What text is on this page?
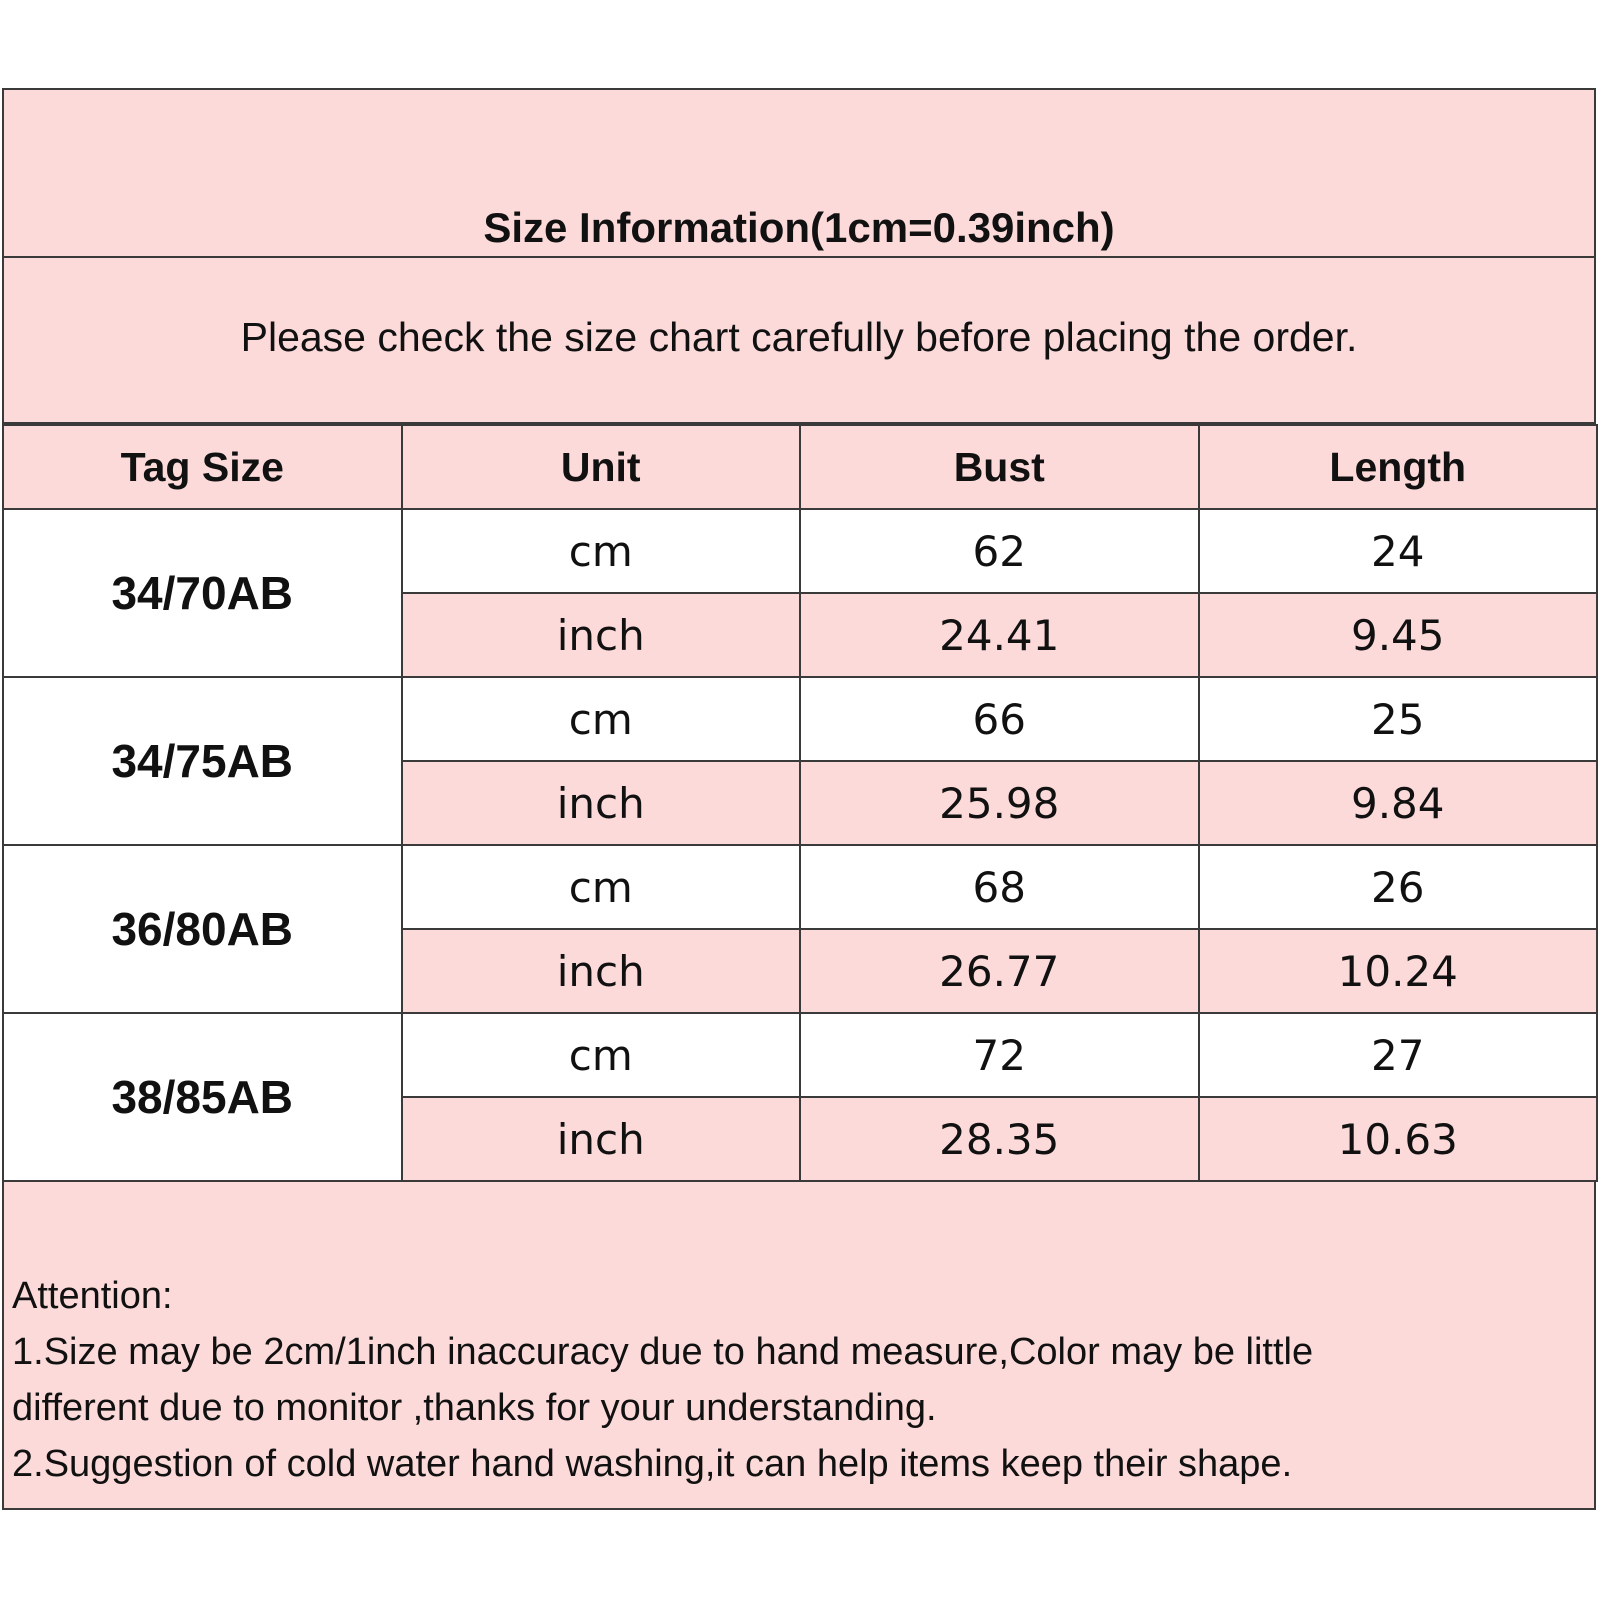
Size Information(1cm=0.39inch)
Please check the size chart carefully before placing the order.
Tag Size	Unit	Bust	Length
34/70AB	cm	62	24
	inch	24.41	9.45
34/75AB	cm	66	25
	inch	25.98	9.84
36/80AB	cm	68	26
	inch	26.77	10.24
38/85AB	cm	72	27
	inch	28.35	10.63
Attention:
1.Size may be 2cm/1inch inaccuracy due to hand measure,Color may be little
different due to monitor ,thanks for your understanding.
2.Suggestion of cold water hand washing,it can help items keep their shape.
